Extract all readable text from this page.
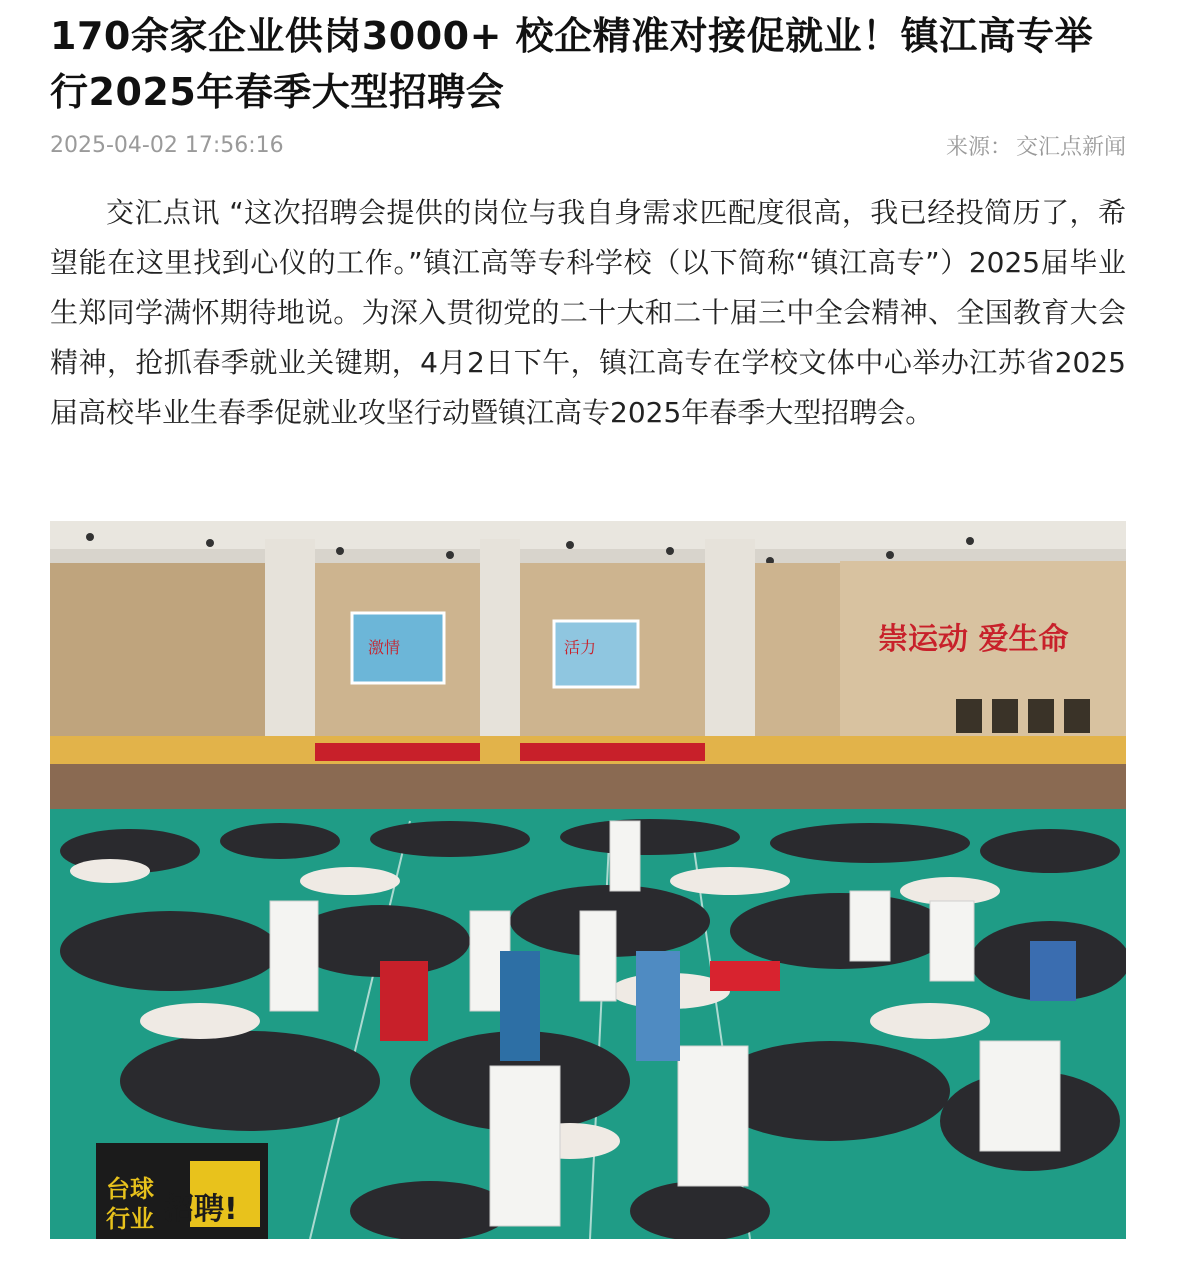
170余家企业供岗3000+ 校企精准对接促就业！镇江高专举行2025年春季大型招聘会
2025-04-02 17:56:16	来源： 交汇点新闻

交汇点讯 “这次招聘会提供的岗位与我自身需求匹配度很高，我已经投简历了，希望能在这里找到心仪的工作。”镇江高等专科学校（以下简称“镇江高专”）2025届毕业生郑同学满怀期待地说。为深入贯彻党的二十大和二十届三中全会精神、全国教育大会精神，抢抓春季就业关键期，4月2日下午，镇江高专在学校文体中心举办江苏省2025届高校毕业生春季促就业攻坚行动暨镇江高专2025年春季大型招聘会。

激情	活力	崇运动 爱生命
台球
行业 招聘!
